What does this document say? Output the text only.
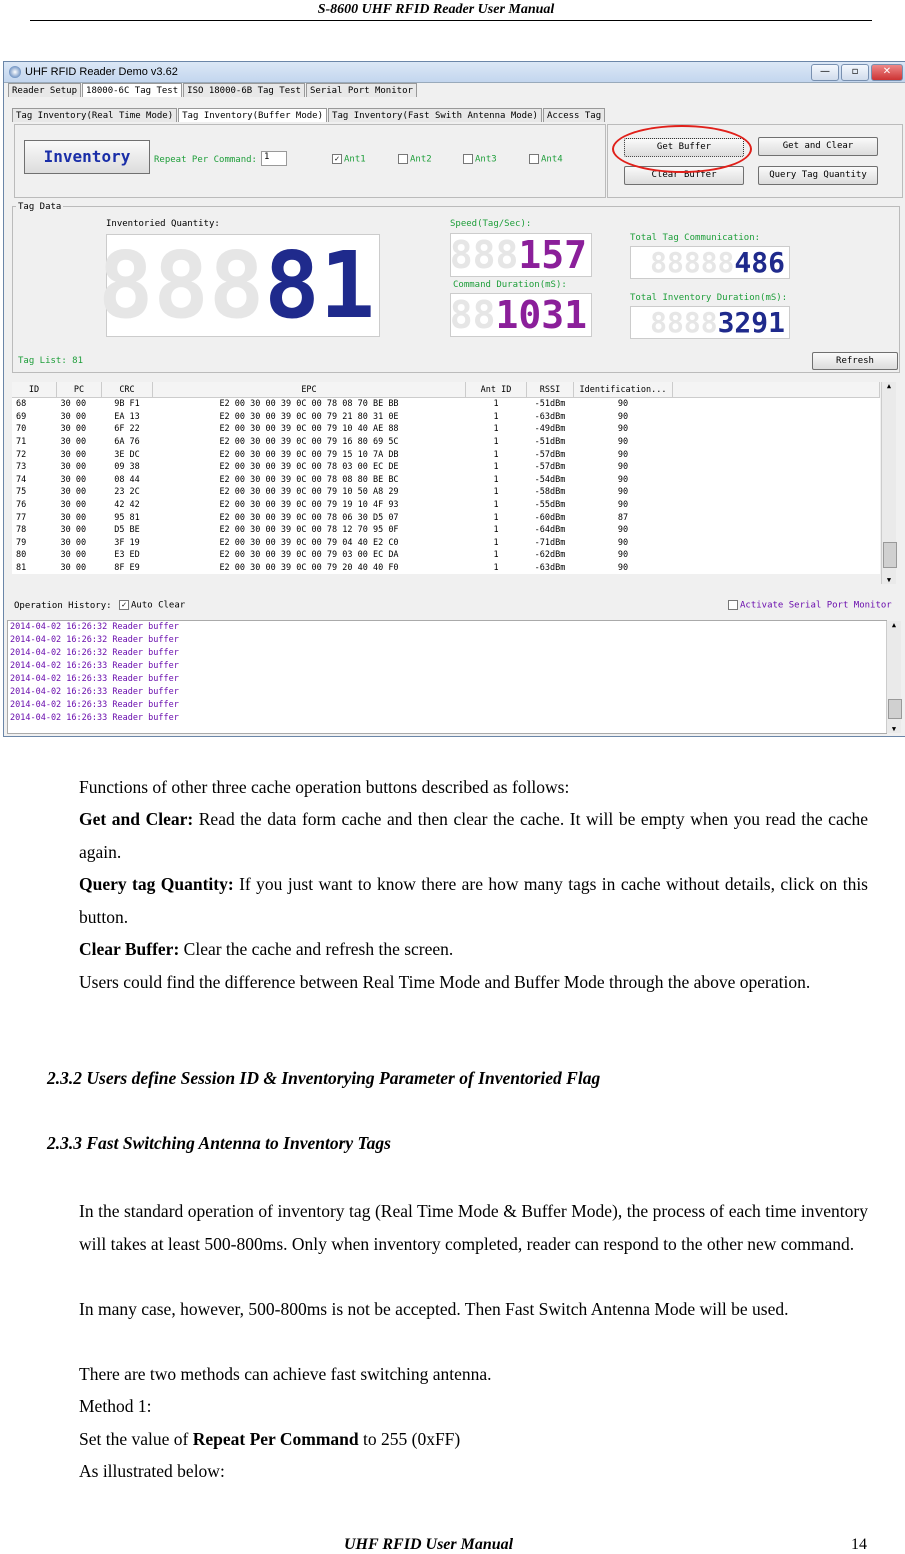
S-8600 UHF RFID Reader User Manual
UHF RFID Reader Demo v3.62	—	▫	✕
Reader Setup	18000-6C Tag Test	ISO 18000-6B Tag Test	Serial Port Monitor
Tag Inventory(Real Time Mode)	Tag Inventory(Buffer Mode)	Tag Inventory(Fast Swith Antenna Mode)	Access Tag
Inventory	Repeat Per Command: 1	✓ Ant1	Ant2	Ant3	Ant4
Get Buffer	Get and Clear
Clear Buffer	Query Tag Quantity
Tag Data
Inventoried Quantity:
888 81
Speed(Tag/Sec):
888 157
Command Duration(mS):
88 1031
Total Tag Communication:
88888 486
Total Inventory Duration(mS):
8888 3291
Tag List: 81	Refresh
ID	PC	CRC	EPC	Ant ID	RSSI	Identification...	
68	30 00	9B F1	E2 00 30 00 39 0C 00 78 08 70 BE BB	1	-51dBm	90	
69	30 00	EA 13	E2 00 30 00 39 0C 00 79 21 80 31 0E	1	-63dBm	90	
70	30 00	6F 22	E2 00 30 00 39 0C 00 79 10 40 AE 88	1	-49dBm	90	
71	30 00	6A 76	E2 00 30 00 39 0C 00 79 16 80 69 5C	1	-51dBm	90	
72	30 00	3E DC	E2 00 30 00 39 0C 00 79 15 10 7A DB	1	-57dBm	90	
73	30 00	09 38	E2 00 30 00 39 0C 00 78 03 00 EC DE	1	-57dBm	90	
74	30 00	08 44	E2 00 30 00 39 0C 00 78 08 80 BE BC	1	-54dBm	90	
75	30 00	23 2C	E2 00 30 00 39 0C 00 79 10 50 A8 29	1	-58dBm	90	
76	30 00	42 42	E2 00 30 00 39 0C 00 79 19 10 4F 93	1	-55dBm	90	
77	30 00	95 81	E2 00 30 00 39 0C 00 78 06 30 D5 07	1	-60dBm	87	
78	30 00	D5 BE	E2 00 30 00 39 0C 00 78 12 70 95 0F	1	-64dBm	90	
79	30 00	3F 19	E2 00 30 00 39 0C 00 79 04 40 E2 C0	1	-71dBm	90	
80	30 00	E3 ED	E2 00 30 00 39 0C 00 79 03 00 EC DA	1	-62dBm	90	
81	30 00	8F E9	E2 00 30 00 39 0C 00 79 20 40 40 F0	1	-63dBm	90	
▲
▼
Operation History:	✓ Auto Clear	Activate Serial Port Monitor
2014-04-02 16:26:32 Reader buffer
2014-04-02 16:26:32 Reader buffer
2014-04-02 16:26:32 Reader buffer
2014-04-02 16:26:33 Reader buffer
2014-04-02 16:26:33 Reader buffer
2014-04-02 16:26:33 Reader buffer
2014-04-02 16:26:33 Reader buffer
2014-04-02 16:26:33 Reader buffer
▲
▼
Functions of other three cache operation buttons described as follows:
Get and Clear: Read the data form cache and then clear the cache. It will be empty when you read the cache again.
Query tag Quantity: If you just want to know there are how many tags in cache without details, click on this button.
Clear Buffer: Clear the cache and refresh the screen.
Users could find the difference between Real Time Mode and Buffer Mode through the above operation.
2.3.2 Users define Session ID & Inventorying Parameter of Inventoried Flag
2.3.3 Fast Switching Antenna to Inventory Tags
In the standard operation of inventory tag (Real Time Mode & Buffer Mode), the process of each time inventory will takes at least 500-800ms. Only when inventory completed, reader can respond to the other new command.
In many case, however, 500-800ms is not be accepted. Then Fast Switch Antenna Mode will be used.
There are two methods can achieve fast switching antenna.
Method 1:
Set the value of Repeat Per Command to 255 (0xFF)
As illustrated below:
UHF RFID User Manual	14
